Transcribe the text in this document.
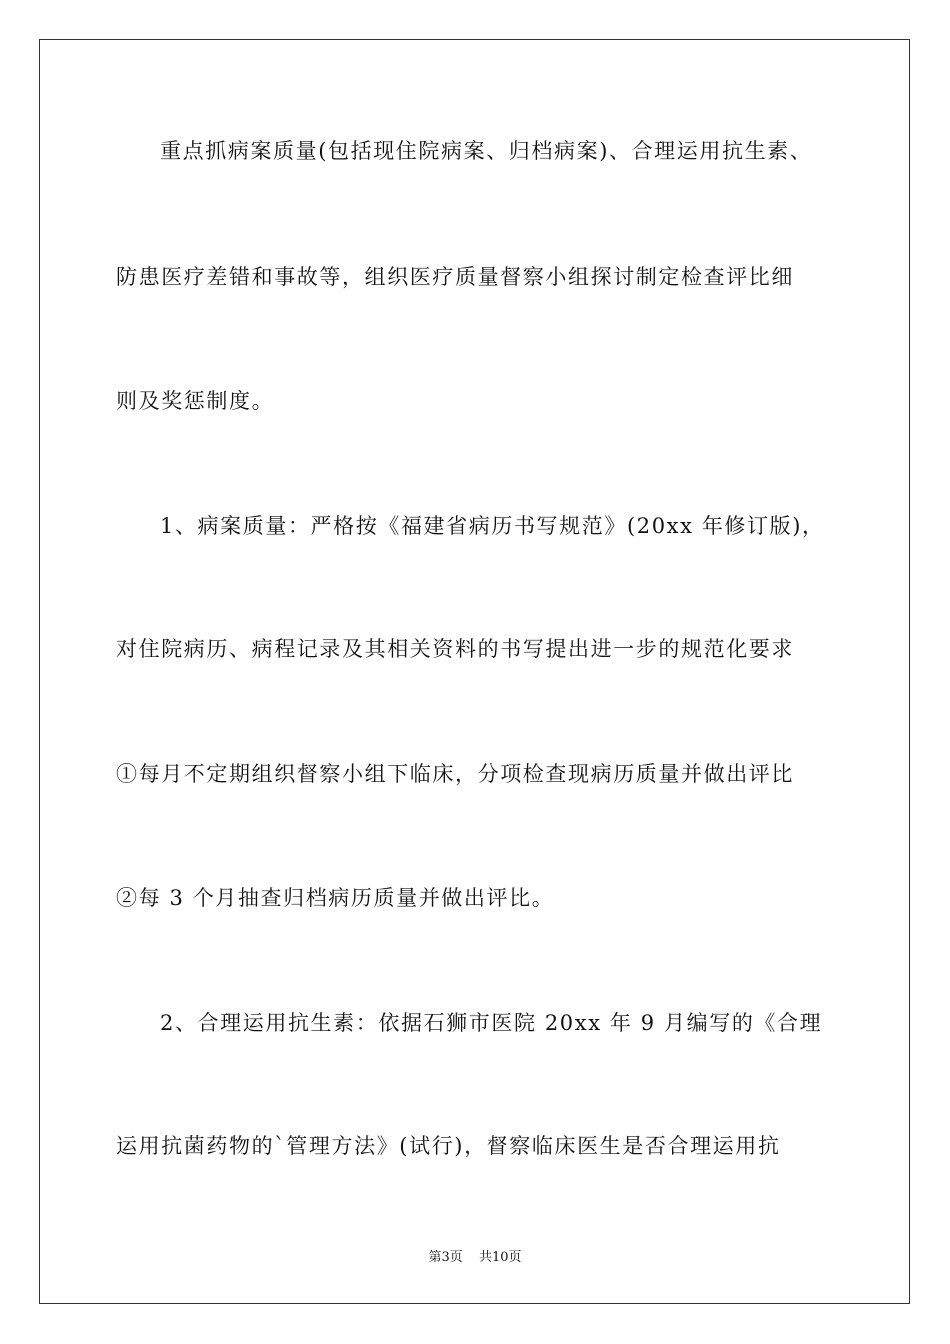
重点抓病案质量(包括现住院病案、归档病案)、合理运用抗生素、
防患医疗差错和事故等，组织医疗质量督察小组探讨制定检查评比细
则及奖惩制度。
1、病案质量：严格按《福建省病历书写规范》(20xx 年修订版)，
对住院病历、病程记录及其相关资料的书写提出进一步的规范化要求
①每月不定期组织督察小组下临床，分项检查现病历质量并做出评比
②每 3 个月抽查归档病历质量并做出评比。
2、合理运用抗生素：依据石狮市医院 20xx 年 9 月编写的《合理
运用抗菌药物的`管理方法》(试行)，督察临床医生是否合理运用抗
第3页 共10页
